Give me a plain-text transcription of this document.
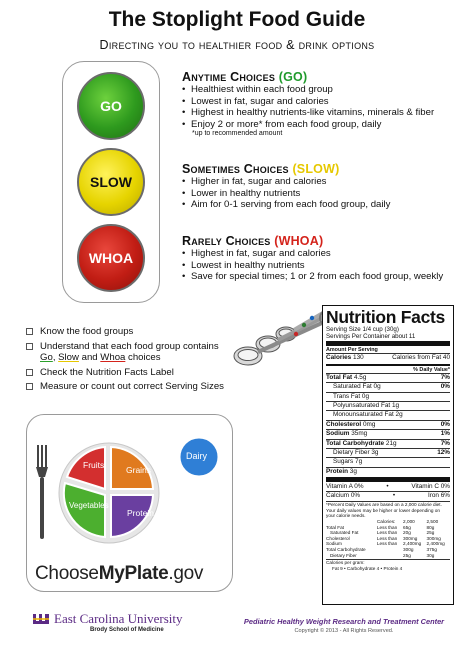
The Stoplight Food Guide
Directing you to healthier food & drink options
GO
SLOW
WHOA
Anytime Choices (GO)
• Healthiest within each food group
• Lowest in fat, sugar and calories
• Highest in healthy nutrients-like vitamins, minerals & fiber
• Enjoy 2 or more* from each food group, daily
*up to recommended amount
Sometimes Choices (SLOW)
• Higher in fat, sugar and calories
• Lower in healthy nutrients
• Aim for 0-1 serving from each food group, daily
Rarely Choices (WHOA)
• Highest in fat, sugar and calories
• Lowest in healthy nutrients
• Save for special times; 1 or 2 from each food group, weekly
Know the food groups
Understand that each food group contains
Go, Slow and Whoa choices
Check the Nutrition Facts Label
Measure or count out correct Serving Sizes
Fruits	Grains
Vegetables
Protein
Dairy
ChooseMyPlate.gov
Nutrition Facts
Serving Size 1/4 cup (30g)
Servings Per Container about 11
Amount Per Serving
Calories 130	Calories from Fat 40
% Daily Value*
Total Fat 4.5g	7%
Saturated Fat 0g	0%
Trans Fat 0g
Polyunsaturated Fat 1g
Monounsaturated Fat 2g
Cholesterol 0mg	0%
Sodium 35mg	1%
Total Carbohydrate 21g	7%
Dietary Fiber 3g	12%
Sugars 7g
Protein 3g
Vitamin A 0%	•	Vitamin C 0%
Calcium 0%	•	Iron 6%
*Percent Daily Values are based on a 2,000 calorie diet. Your daily values may be higher or lower depending on your calorie needs.
	Calories:	2,000	2,500
Total Fat	Less than	65g	80g
Saturated Fat	Less than	20g	25g
Cholesterol	Less than	300mg	300mg
Sodium	Less than	2,400mg	2,400mg
Total Carbohydrate		300g	375g
Dietary Fiber		25g	30g
Calories per gram:
Fat 9 • Carbohydrate 4 • Protein 4
East Carolina University
Brody School of Medicine
Pediatric Healthy Weight Research and Treatment Center
Copyright © 2013 - All Rights Reserved.
